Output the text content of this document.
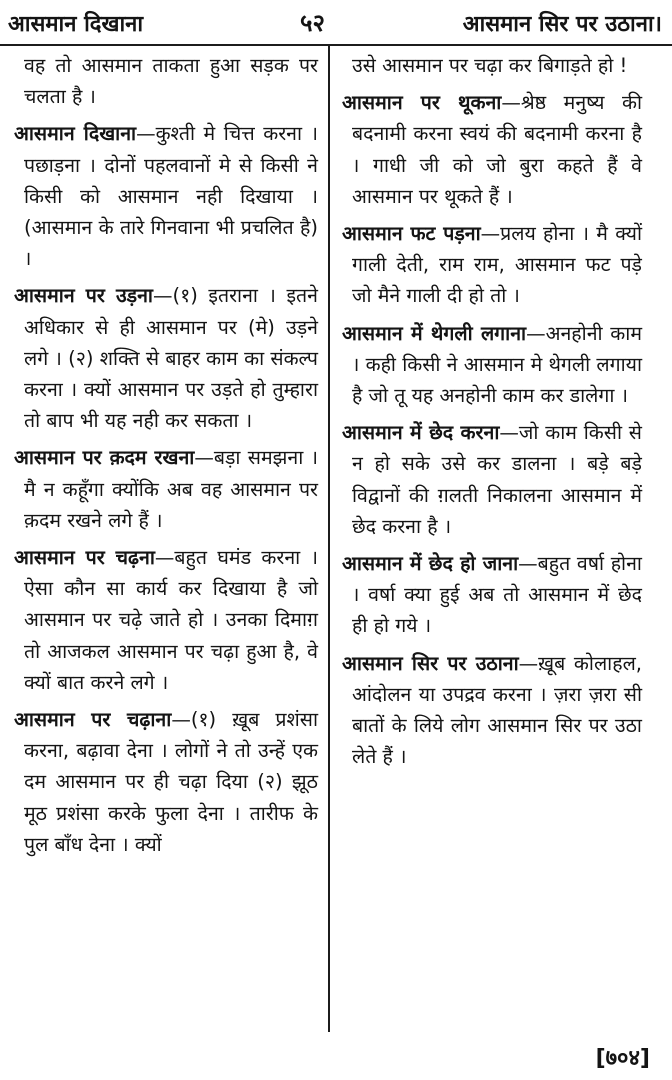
आसमान दिखाना	५२	आसमान सिर पर उठाना।

वह तो आसमान ताकता हुआ सड़क पर चलता है ।

आसमान दिखाना—कुश्ती मे चित्त करना । पछाड़ना । दोनों पहलवानों मे से किसी ने किसी को आसमान नही दिखाया । (आसमान के तारे गिनवाना भी प्रचलित है) ।

आसमान पर उड़ना—(१) इतराना । इतने अधिकार से ही आसमान पर (मे) उड़ने लगे । (२) शक्ति से बाहर काम का संकल्प करना । क्यों आसमान पर उड़ते हो तुम्हारा तो बाप भी यह नही कर सकता ।

आसमान पर क़दम रखना—बड़ा समझना । मै न कहूँगा क्योंकि अब वह आसमान पर क़दम रखने लगे हैं ।

आसमान पर चढ़ना—बहुत घमंड करना । ऐसा कौन सा कार्य कर दिखाया है जो आसमान पर चढ़े जाते हो । उनका दिमाग़ तो आजकल आसमान पर चढ़ा हुआ है, वे क्यों बात करने लगे ।

आसमान पर चढ़ाना—(१) ख़ूब प्रशंसा करना, बढ़ावा देना । लोगों ने तो उन्हें एक दम आसमान पर ही चढ़ा दिया (२) झूठ मूठ प्रशंसा करके फुला देना । तारीफ के पुल बाँध देना । क्यों

उसे आसमान पर चढ़ा कर बिगाड़ते हो !

आसमान पर थूकना—श्रेष्ठ मनुष्य की बदनामी करना स्वयं की बदनामी करना है । गाधी जी को जो बुरा कहते हैं वे आसमान पर थूकते हैं ।

आसमान फट पड़ना—प्रलय होना । मै क्यों गाली देती, राम राम, आसमान फट पड़े जो मैने गाली दी हो तो ।

आसमान में थेगली लगाना—अनहोनी काम । कही किसी ने आसमान मे थेगली लगाया है जो तू यह अनहोनी काम कर डालेगा ।

आसमान में छेद करना—जो काम किसी से न हो सके उसे कर डालना । बड़े बड़े विद्वानों की ग़लती निकालना आसमान में छेद करना है ।

आसमान में छेद हो जाना—बहुत वर्षा होना । वर्षा क्या हुई अब तो आसमान में छेद ही हो गये ।

आसमान सिर पर उठाना—ख़ूब कोलाहल, आंदोलन या उपद्रव करना । ज़रा ज़रा सी बातों के लिये लोग आसमान सिर पर उठा लेते हैं ।

[७०४]
